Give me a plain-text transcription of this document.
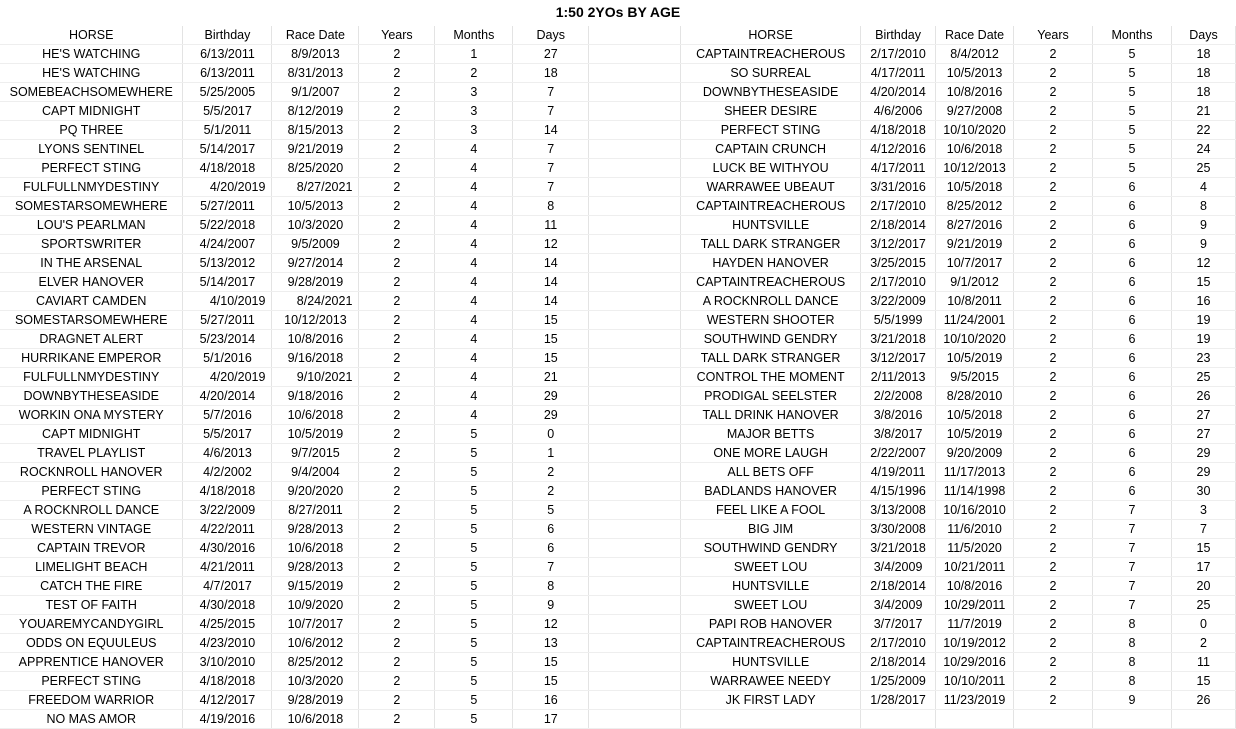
1:50 2YOs BY AGE
HORSE	Birthday	Race Date	Years	Months	Days		HORSE	Birthday	Race Date	Years	Months	Days
HE'S WATCHING	6/13/2011	8/9/2013	2	1	27		CAPTAINTREACHEROUS	2/17/2010	8/4/2012	2	5	18
HE'S WATCHING	6/13/2011	8/31/2013	2	2	18		SO SURREAL	4/17/2011	10/5/2013	2	5	18
SOMEBEACHSOMEWHERE	5/25/2005	9/1/2007	2	3	7		DOWNBYTHESEASIDE	4/20/2014	10/8/2016	2	5	18
CAPT MIDNIGHT	5/5/2017	8/12/2019	2	3	7		SHEER DESIRE	4/6/2006	9/27/2008	2	5	21
PQ THREE	5/1/2011	8/15/2013	2	3	14		PERFECT STING	4/18/2018	10/10/2020	2	5	22
LYONS SENTINEL	5/14/2017	9/21/2019	2	4	7		CAPTAIN CRUNCH	4/12/2016	10/6/2018	2	5	24
PERFECT STING	4/18/2018	8/25/2020	2	4	7		LUCK BE WITHYOU	4/17/2011	10/12/2013	2	5	25
FULFULLNMYDESTINY	4/20/2019	8/27/2021	2	4	7		WARRAWEE UBEAUT	3/31/2016	10/5/2018	2	6	4
SOMESTARSOMEWHERE	5/27/2011	10/5/2013	2	4	8		CAPTAINTREACHEROUS	2/17/2010	8/25/2012	2	6	8
LOU'S PEARLMAN	5/22/2018	10/3/2020	2	4	11		HUNTSVILLE	2/18/2014	8/27/2016	2	6	9
SPORTSWRITER	4/24/2007	9/5/2009	2	4	12		TALL DARK STRANGER	3/12/2017	9/21/2019	2	6	9
IN THE ARSENAL	5/13/2012	9/27/2014	2	4	14		HAYDEN HANOVER	3/25/2015	10/7/2017	2	6	12
ELVER HANOVER	5/14/2017	9/28/2019	2	4	14		CAPTAINTREACHEROUS	2/17/2010	9/1/2012	2	6	15
CAVIART CAMDEN	4/10/2019	8/24/2021	2	4	14		A ROCKNROLL DANCE	3/22/2009	10/8/2011	2	6	16
SOMESTARSOMEWHERE	5/27/2011	10/12/2013	2	4	15		WESTERN SHOOTER	5/5/1999	11/24/2001	2	6	19
DRAGNET ALERT	5/23/2014	10/8/2016	2	4	15		SOUTHWIND GENDRY	3/21/2018	10/10/2020	2	6	19
HURRIKANE EMPEROR	5/1/2016	9/16/2018	2	4	15		TALL DARK STRANGER	3/12/2017	10/5/2019	2	6	23
FULFULLNMYDESTINY	4/20/2019	9/10/2021	2	4	21		CONTROL THE MOMENT	2/11/2013	9/5/2015	2	6	25
DOWNBYTHESEASIDE	4/20/2014	9/18/2016	2	4	29		PRODIGAL SEELSTER	2/2/2008	8/28/2010	2	6	26
WORKIN ONA MYSTERY	5/7/2016	10/6/2018	2	4	29		TALL DRINK HANOVER	3/8/2016	10/5/2018	2	6	27
CAPT MIDNIGHT	5/5/2017	10/5/2019	2	5	0		MAJOR BETTS	3/8/2017	10/5/2019	2	6	27
TRAVEL PLAYLIST	4/6/2013	9/7/2015	2	5	1		ONE MORE LAUGH	2/22/2007	9/20/2009	2	6	29
ROCKNROLL HANOVER	4/2/2002	9/4/2004	2	5	2		ALL BETS OFF	4/19/2011	11/17/2013	2	6	29
PERFECT STING	4/18/2018	9/20/2020	2	5	2		BADLANDS HANOVER	4/15/1996	11/14/1998	2	6	30
A ROCKNROLL DANCE	3/22/2009	8/27/2011	2	5	5		FEEL LIKE A FOOL	3/13/2008	10/16/2010	2	7	3
WESTERN VINTAGE	4/22/2011	9/28/2013	2	5	6		BIG JIM	3/30/2008	11/6/2010	2	7	7
CAPTAIN TREVOR	4/30/2016	10/6/2018	2	5	6		SOUTHWIND GENDRY	3/21/2018	11/5/2020	2	7	15
LIMELIGHT BEACH	4/21/2011	9/28/2013	2	5	7		SWEET LOU	3/4/2009	10/21/2011	2	7	17
CATCH THE FIRE	4/7/2017	9/15/2019	2	5	8		HUNTSVILLE	2/18/2014	10/8/2016	2	7	20
TEST OF FAITH	4/30/2018	10/9/2020	2	5	9		SWEET LOU	3/4/2009	10/29/2011	2	7	25
YOUAREMYCANDYGIRL	4/25/2015	10/7/2017	2	5	12		PAPI ROB HANOVER	3/7/2017	11/7/2019	2	8	0
ODDS ON EQUULEUS	4/23/2010	10/6/2012	2	5	13		CAPTAINTREACHEROUS	2/17/2010	10/19/2012	2	8	2
APPRENTICE HANOVER	3/10/2010	8/25/2012	2	5	15		HUNTSVILLE	2/18/2014	10/29/2016	2	8	11
PERFECT STING	4/18/2018	10/3/2020	2	5	15		WARRAWEE NEEDY	1/25/2009	10/10/2011	2	8	15
FREEDOM WARRIOR	4/12/2017	9/28/2019	2	5	16		JK FIRST LADY	1/28/2017	11/23/2019	2	9	26
NO MAS AMOR	4/19/2016	10/6/2018	2	5	17							
